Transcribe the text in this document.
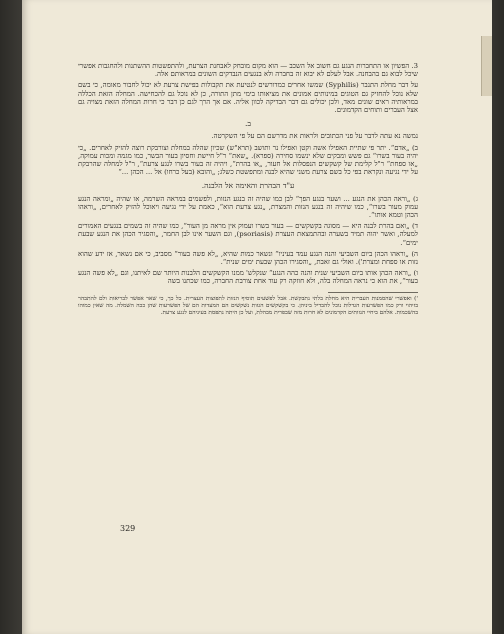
3. הפשיון או התחברות הנגע גם חשוב אל השכב — הוא מקום מובחק לאבחנת הצרעת, ולהתפשטות ההשתנות ולהחגבות אפשרי שיכל לבוא גם בהבחנה. אבל לעלם לא יבוא זה בחברה ולא בנגעים הנבדקים השונים במראותם אלה.

על דבר מחלת התנבר (Syphilis) שמשו אחרים כמדורשים לנטיעת את תקבולות בפישת צרעת לא יכול לחבור מאומה, כי בשם שלא נוכל להחזיק גם הטוגים במינותים אמונים את מציאותו בימי מתן התורה, כן לא נוכל גם להכחישה. המחלה הזאת הכללה במראותיה ראים שונים מאד, ולכן יכולים גם דבר הבדיקה לכוון אליה. אם אך הרך לגם כן דבר כי חרות המחלה הזאת מצויה גם אצל העברים ותוחים הקדמונים.

ב.

נמשה נא עתה לדבר על פני הכתובים ולראות את מדרשם הם על פי השקרטה.

ב) „אדם“. יתר פי שתיית האפילו אשה וקטן ואפילו נר ותושב (תרא"ש) שכיון שהלה במחלת וצורבקת רוצה להזיק לאחרים. „כי יהיה בעור בשרו“ גם פשש ומבקים שלא ינשמו סחירה (ספרא). „שאת“ ר"ל חיישת וחסיון בעור הבשר, כמו מגמה ומכות עמוקה, „או ספחת“ ר"ל קלימת של קשקשים הנפסלות אל חעור, „או בהרת“, ויהיה זה בעור בשרו לנגע צרעת“, ר"ל למחלה שהרבקת על ידי נגיעה ונקראת בפי כל בשם צרעת משני שהיא לבנה ומתפשטת כשלג; „והובא (בעל כרחו) אל ... הכהן ...“

ע"ד הבהרת והאימה אל הלבנה.

ג) „וראה הכהן את הנגע ... ושער בנגע הפך“ לבן כמו שהיה זה בנגע הנזות, ולפשמים במראה השרמה, או שהיה „ומראה הנגע עמוק מעור בשרו“, כמו שיהיה זה בנגע הנזות והמצרת, „נגע צרעת הוא“, כאמת על ידי נגיעה ויאוכל להזיק לאחרים, „וראהו הכהן וטמא אותו“.

ד) „ואם בהרת לבנה היא — מסוגה בקשקשים — בעור בשרו ועמוק אין מראה מן העור“, כמו שהיה זה בשמים בנגעים האמורים למעלה, ואשר יהוה תמיד בשערה ובהתמצאת העצרת (psoriasis), וגם השער אינו לבן החמר, „והסגיר הכהן את הנגע שבעת ימים“.

ה) „וראהו הכהן ביום השביעי והנה הנגע עמד בעיניו“ ונשאר כמות שהיא, „לא פשה בעור“ מסביב, כי אם נשאר, אז ידע שהוא נזות או ספחת ומצרת'). ואולי גם זאבת, „והסגירו הכהן שבעת ימים שנית“.

ו) „וראה הכהן אותו ביום השביעי שנית והנה כהה הנגע“ שנקלש' ממנו הקשקשים הלבנות היותר שם לאיתנו, וגם „לא פשה הנגע בעור“, את הוא כי נראה המחלה בלה, ולא חוזקה רק עוד אחת צורבת החברה, כמו שכתנו בשה

') ואפשרי שהסמנות העברית היא מחלת בלתי נתבקשת. אבל לפשעים תוסיף הנזות לתפוצות העצרית. כל כך, כי שאר אפשר לבריאות ולם להתבהר בזיהוי ורק כמו הפשרעות הגדלות נוכל להבדיל ביניהן. כי בקשקשים הגזות נשקשים הם המעדות הם של הפשרעות שהן ככה השמלה. מה שאין כמוהו בהשכמות. אלהם ביחיי הנזותים הקדמונים לא חרות מזה שבפרית מבהלת, ועל כן היתה נתפסת בעיניהם לנגע צרעת.

329
